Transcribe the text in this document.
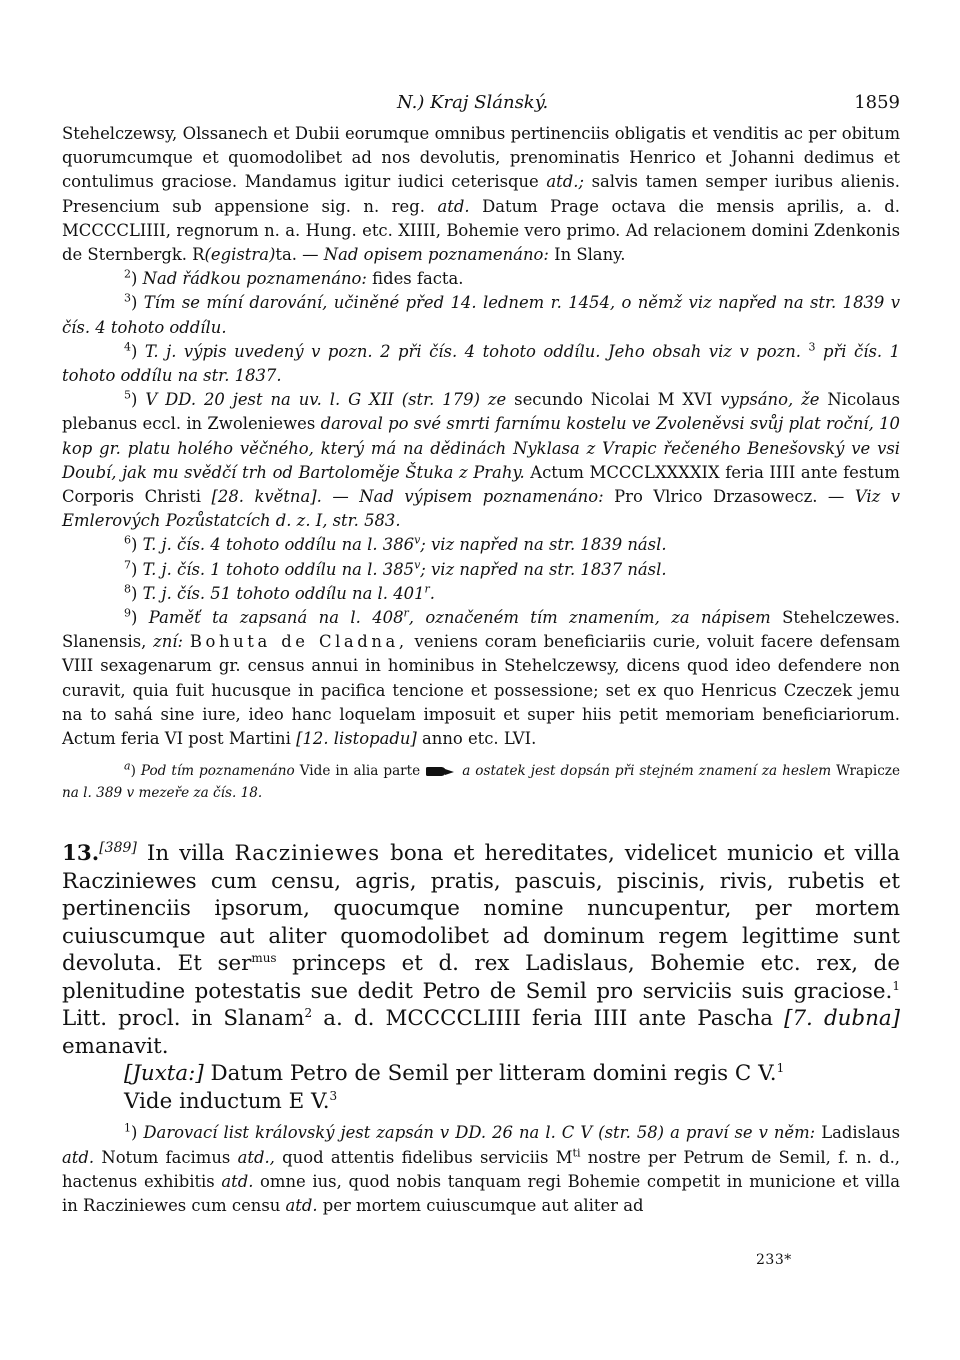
N.) Kraj Slánský.	1859

Stehelczewsy, Olssanech et Dubii eorumque omnibus pertinenciis obligatis et venditis ac per obitum quorumcumque et quomodolibet ad nos devolutis, prenominatis Henrico et Johanni dedimus et contulimus graciose. Mandamus igitur iudici ceterisque atd.; salvis tamen semper iuribus alienis. Presencium sub appensione sig. n. reg. atd. Datum Prage octava die mensis aprilis, a. d. MCCCCLIIII, regnorum n. a. Hung. etc. XIIII, Bohemie vero primo. Ad relacionem domini Zdenkonis de Sternbergk. R(egistra)ta. — Nad opisem poznamenáno: In Slany.

$^2$) Nad řádkou poznamenáno: fides facta.

$^3$) Tím se míní darování, učiněné před 14. lednem r. 1454, o němž viz napřed na str. 1839 v čís. 4 tohoto oddílu.

$^4$) T. j. výpis uvedený v pozn. 2 při čís. 4 tohoto oddílu. Jeho obsah viz v pozn. $^3$ při čís. 1 tohoto oddílu na str. 1837.

$^5$) V DD. 20 jest na uv. l. G XII (str. 179) ze secundo Nicolai M XVI vypsáno, že Nicolaus plebanus eccl. in Zwoleniewes daroval po své smrti farnímu kostelu ve Zvoleněvsi svůj plat roční, 10 kop gr. platu holého věčného, který má na dědinách Nyklasa z Vrapic řečeného Benešovský ve vsi Doubí, jak mu svědčí trh od Bartoloměje Štuka z Prahy. Actum MCCCLXXXXIX feria IIII ante festum Corporis Christi [28. května]. — Nad výpisem poznamenáno: Pro Vlrico Drzasowecz. — Viz v Emlerových Pozůstatcích d. z. I, str. 583.

$^6$) T. j. čís. 4 tohoto oddílu na l. 386$^v$; viz napřed na str. 1839 násl.

$^7$) T. j. čís. 1 tohoto oddílu na l. 385$^v$; viz napřed na str. 1837 násl.

$^8$) T. j. čís. 51 tohoto oddílu na l. 401$^r$.

$^9$) Paměť ta zapsaná na l. 408$^r$, označeném tím znamením, za nápisem Stehelczewes. Slanensis, zní: Bohuta de Cladna, veniens coram beneficiariis curie, voluit facere defensam VIII sexagenarum gr. census annui in hominibus in Stehelczewsy, dicens quod ideo defendere non curavit, quia fuit hucusque in pacifica tencione et possessione; set ex quo Henricus Czeczek jemu na to sahá sine iure, ideo hanc loquelam imposuit et super hiis petit memoriam beneficiariorum. Actum feria VI post Martini [12. listopadu] anno etc. LVI.

$^a$) Pod tím poznamenáno Vide in alia parte	a ostatek jest dopsán při stejném znamení za heslem Wrapicze na l. 389 v mezeře za čís. 18.

13.[389] In villa Racziniewes bona et hereditates, videlicet municio et villa Racziniewes cum censu, agris, pratis, pascuis, piscinis, rivis, rubetis et pertinenciis ipsorum, quocumque nomine nuncupentur, per mortem cuiuscumque aut aliter quomodolibet ad dominum regem legittime sunt devoluta. Et ser$^{mus}$ princeps et d. rex Ladislaus, Bohemie etc. rex, de plenitudine potestatis sue dedit Petro de Semil pro serviciis suis graciose.$^1$ Litt. procl. in Slanam$^2$ a. d. MCCCCLIIII feria IIII ante Pascha [7. dubna] emanavit.
[Juxta:] Datum Petro de Semil per litteram domini regis C V.$^1$
Vide inductum E V.$^3$

$^1$) Darovací list královský jest zapsán v DD. 26 na l. C V (str. 58) a praví se v něm: Ladislaus atd. Notum facimus atd., quod attentis fidelibus serviciis $M^{ti}$ nostre per Petrum de Semil, f. n. d., hactenus exhibitis atd. omne ius, quod nobis tanquam regi Bohemie competit in municione et villa in Racziniewes cum censu atd. per mortem cuiuscumque aut aliter ad

233*
